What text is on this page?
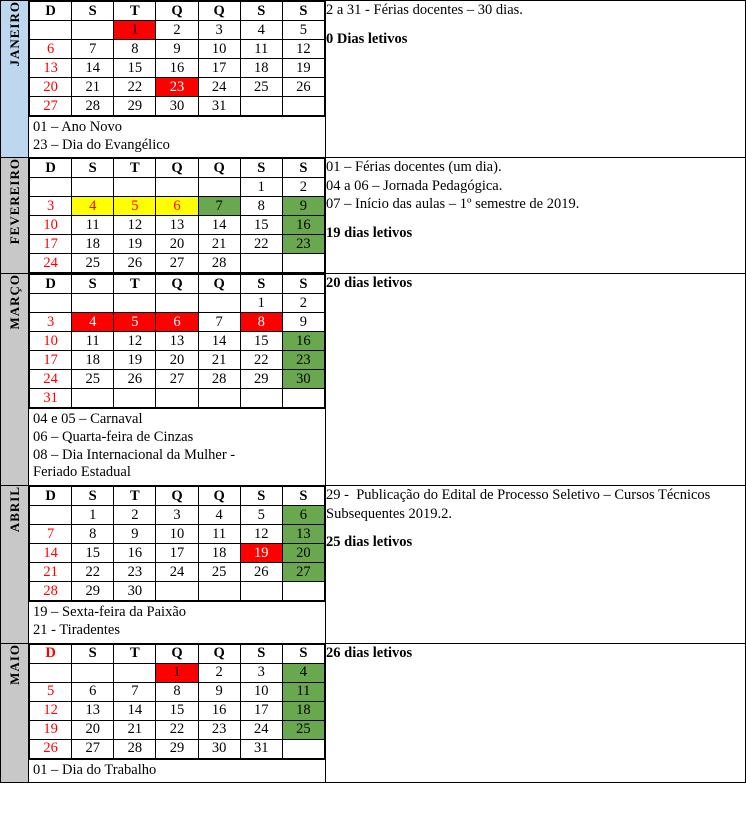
JANEIRO	D	S	T	Q	Q	S	S
		1	2	3	4	5
6	7	8	9	10	11	12
13	14	15	16	17	18	19
20	21	22	23	24	25	26
27	28	29	30	31		
01 – Ano Novo
23 – Dia do Evangélico

2 a 31 - Férias docentes – 30 dias.
0 Dias letivos

FEVEREIRO	D	S	T	Q	Q	S	S
					1	2
3	4	5	6	7	8	9
10	11	12	13	14	15	16
17	18	19	20	21	22	23
24	25	26	27	28		

01 – Férias docentes (um dia).
04 a 06 – Jornada Pedagógica.
07 – Início das aulas – 1º semestre de 2019.
19 dias letivos

MARÇO	D	S	T	Q	Q	S	S
					1	2
3	4	5	6	7	8	9
10	11	12	13	14	15	16
17	18	19	20	21	22	23
24	25	26	27	28	29	30
31						
04 e 05 – Carnaval
06 – Quarta-feira de Cinzas
08 – Dia Internacional da Mulher -
Feriado Estadual

20 dias letivos

ABRIL	D	S	T	Q	Q	S	S
	1	2	3	4	5	6
7	8	9	10	11	12	13
14	15	16	17	18	19	20
21	22	23	24	25	26	27
28	29	30				
19 – Sexta-feira da Paixão
21 - Tiradentes

29 -  Publicação do Edital de Processo Seletivo – Cursos Técnicos Subsequentes 2019.2.
25 dias letivos

MAIO	D	S	T	Q	Q	S	S
			1	2	3	4
5	6	7	8	9	10	11
12	13	14	15	16	17	18
19	20	21	22	23	24	25
26	27	28	29	30	31	
01 – Dia do Trabalho

26 dias letivos
